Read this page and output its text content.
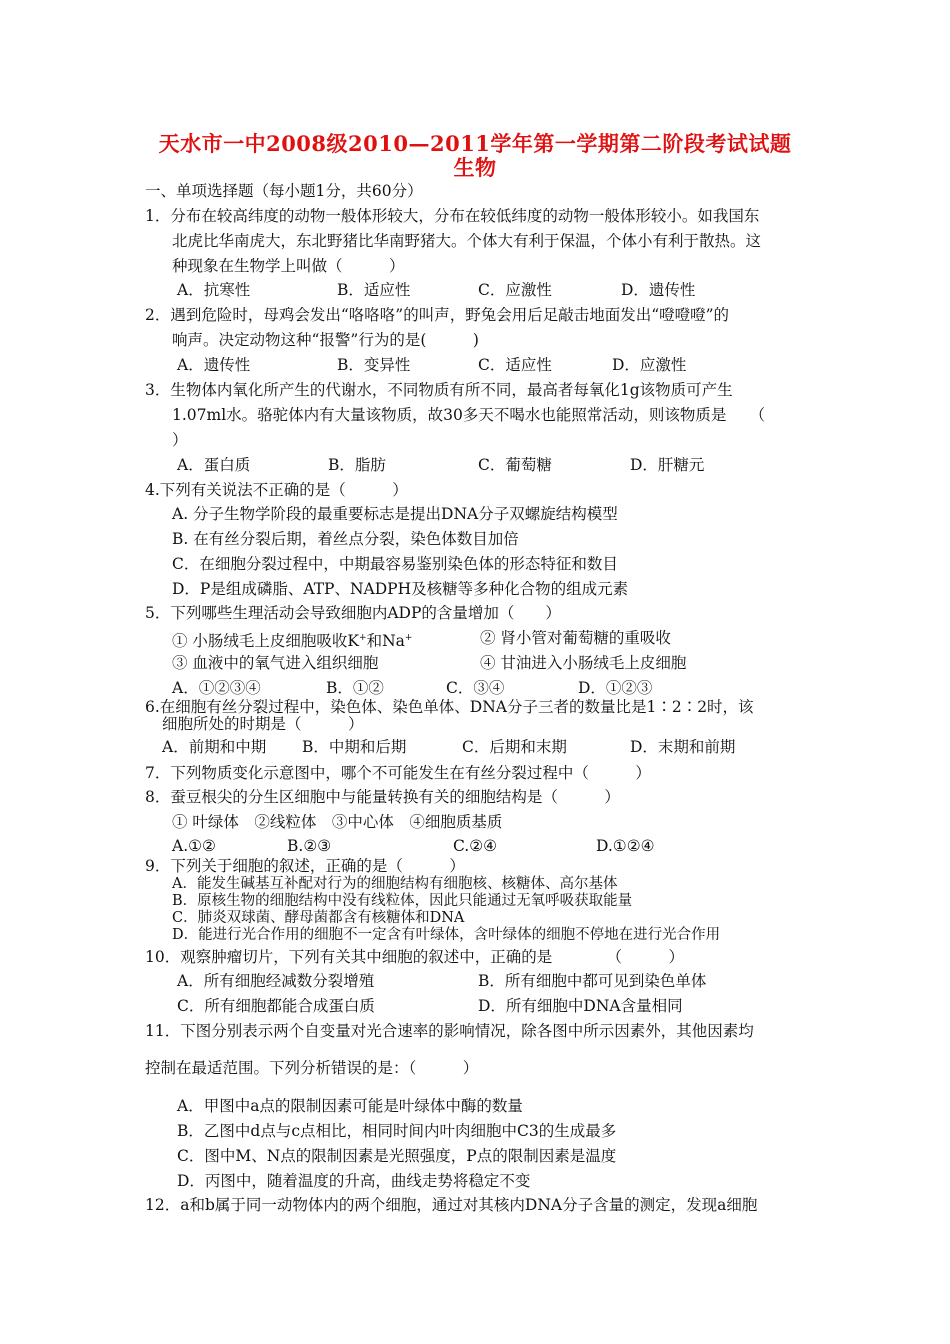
天水市一中2008级2010—2011学年第一学期第二阶段考试试题
生物
一、单项选择题（每小题1分，共60分）
1．分布在较高纬度的动物一般体形较大，分布在较低纬度的动物一般体形较小。如我国东
北虎比华南虎大，东北野猪比华南野猪大。个体大有利于保温，个体小有利于散热。这
种现象在生物学上叫做（　　　）
A．抗寒性	B．适应性	C．应激性	D．遗传性
2．遇到危险时，母鸡会发出“咯咯咯”的叫声，野兔会用后足敲击地面发出“噔噔噔”的
响声。决定动物这种“报警”行为的是(　　　)
A．遗传性	B．变异性	C．适应性	D．应激性
3．生物体内氧化所产生的代谢水，不同物质有所不同，最高者每氧化1g该物质可产生
1.07ml水。骆驼体内有大量该物质，故30多天不喝水也能照常活动，则该物质是　　（
）
A．蛋白质	B．脂肪	C．葡萄糖	D．肝糖元
4.下列有关说法不正确的是（　　　）
A. 分子生物学阶段的最重要标志是提出DNA分子双螺旋结构模型
B. 在有丝分裂后期，着丝点分裂，染色体数目加倍
C．在细胞分裂过程中，中期最容易鉴别染色体的形态特征和数目
D．P是组成磷脂、ATP、NADPH及核糖等多种化合物的组成元素
5．下列哪些生理活动会导致细胞内ADP的含量增加（　　）
① 小肠绒毛上皮细胞吸收K+和Na+	② 肾小管对葡萄糖的重吸收
③ 血液中的氧气进入组织细胞	④ 甘油进入小肠绒毛上皮细胞
A．①②③④	B．①②	C．③④	D．①②③
6.在细胞有丝分裂过程中，染色体、染色单体、DNA分子三者的数量比是1∶2∶2时，该
细胞所处的时期是（　　　）
A．前期和中期 B．中期和后期	C．后期和末期	D．末期和前期
7．下列物质变化示意图中，哪个不可能发生在有丝分裂过程中（　　　）
8．蚕豆根尖的分生区细胞中与能量转换有关的细胞结构是（　　　）
① 叶绿体　②线粒体　③中心体　④细胞质基质
A.①②	B.②③	C.②④	D.①②④
9．下列关于细胞的叙述，正确的是（　　　）
A．能发生碱基互补配对行为的细胞结构有细胞核、核糖体、高尔基体
B．原核生物的细胞结构中没有线粒体，因此只能通过无氧呼吸获取能量
C．肺炎双球菌、酵母菌都含有核糖体和DNA
D．能进行光合作用的细胞不一定含有叶绿体，含叶绿体的细胞不停地在进行光合作用
10．观察肿瘤切片，下列有关其中细胞的叙述中，正确的是　　　　（　　　）
A．所有细胞经减数分裂增殖	B．所有细胞中都可见到染色单体
C．所有细胞都能合成蛋白质	D．所有细胞中DNA含量相同
11．下图分别表示两个自变量对光合速率的影响情况，除各图中所示因素外，其他因素均
控制在最适范围。下列分析错误的是：（　　　）
A．甲图中a点的限制因素可能是叶绿体中酶的数量
B．乙图中d点与c点相比，相同时间内叶肉细胞中C3的生成最多
C．图中M、N点的限制因素是光照强度，P点的限制因素是温度
D．丙图中，随着温度的升高，曲线走势将稳定不变
12．a和b属于同一动物体内的两个细胞，通过对其核内DNA分子含量的测定，发现a细胞
